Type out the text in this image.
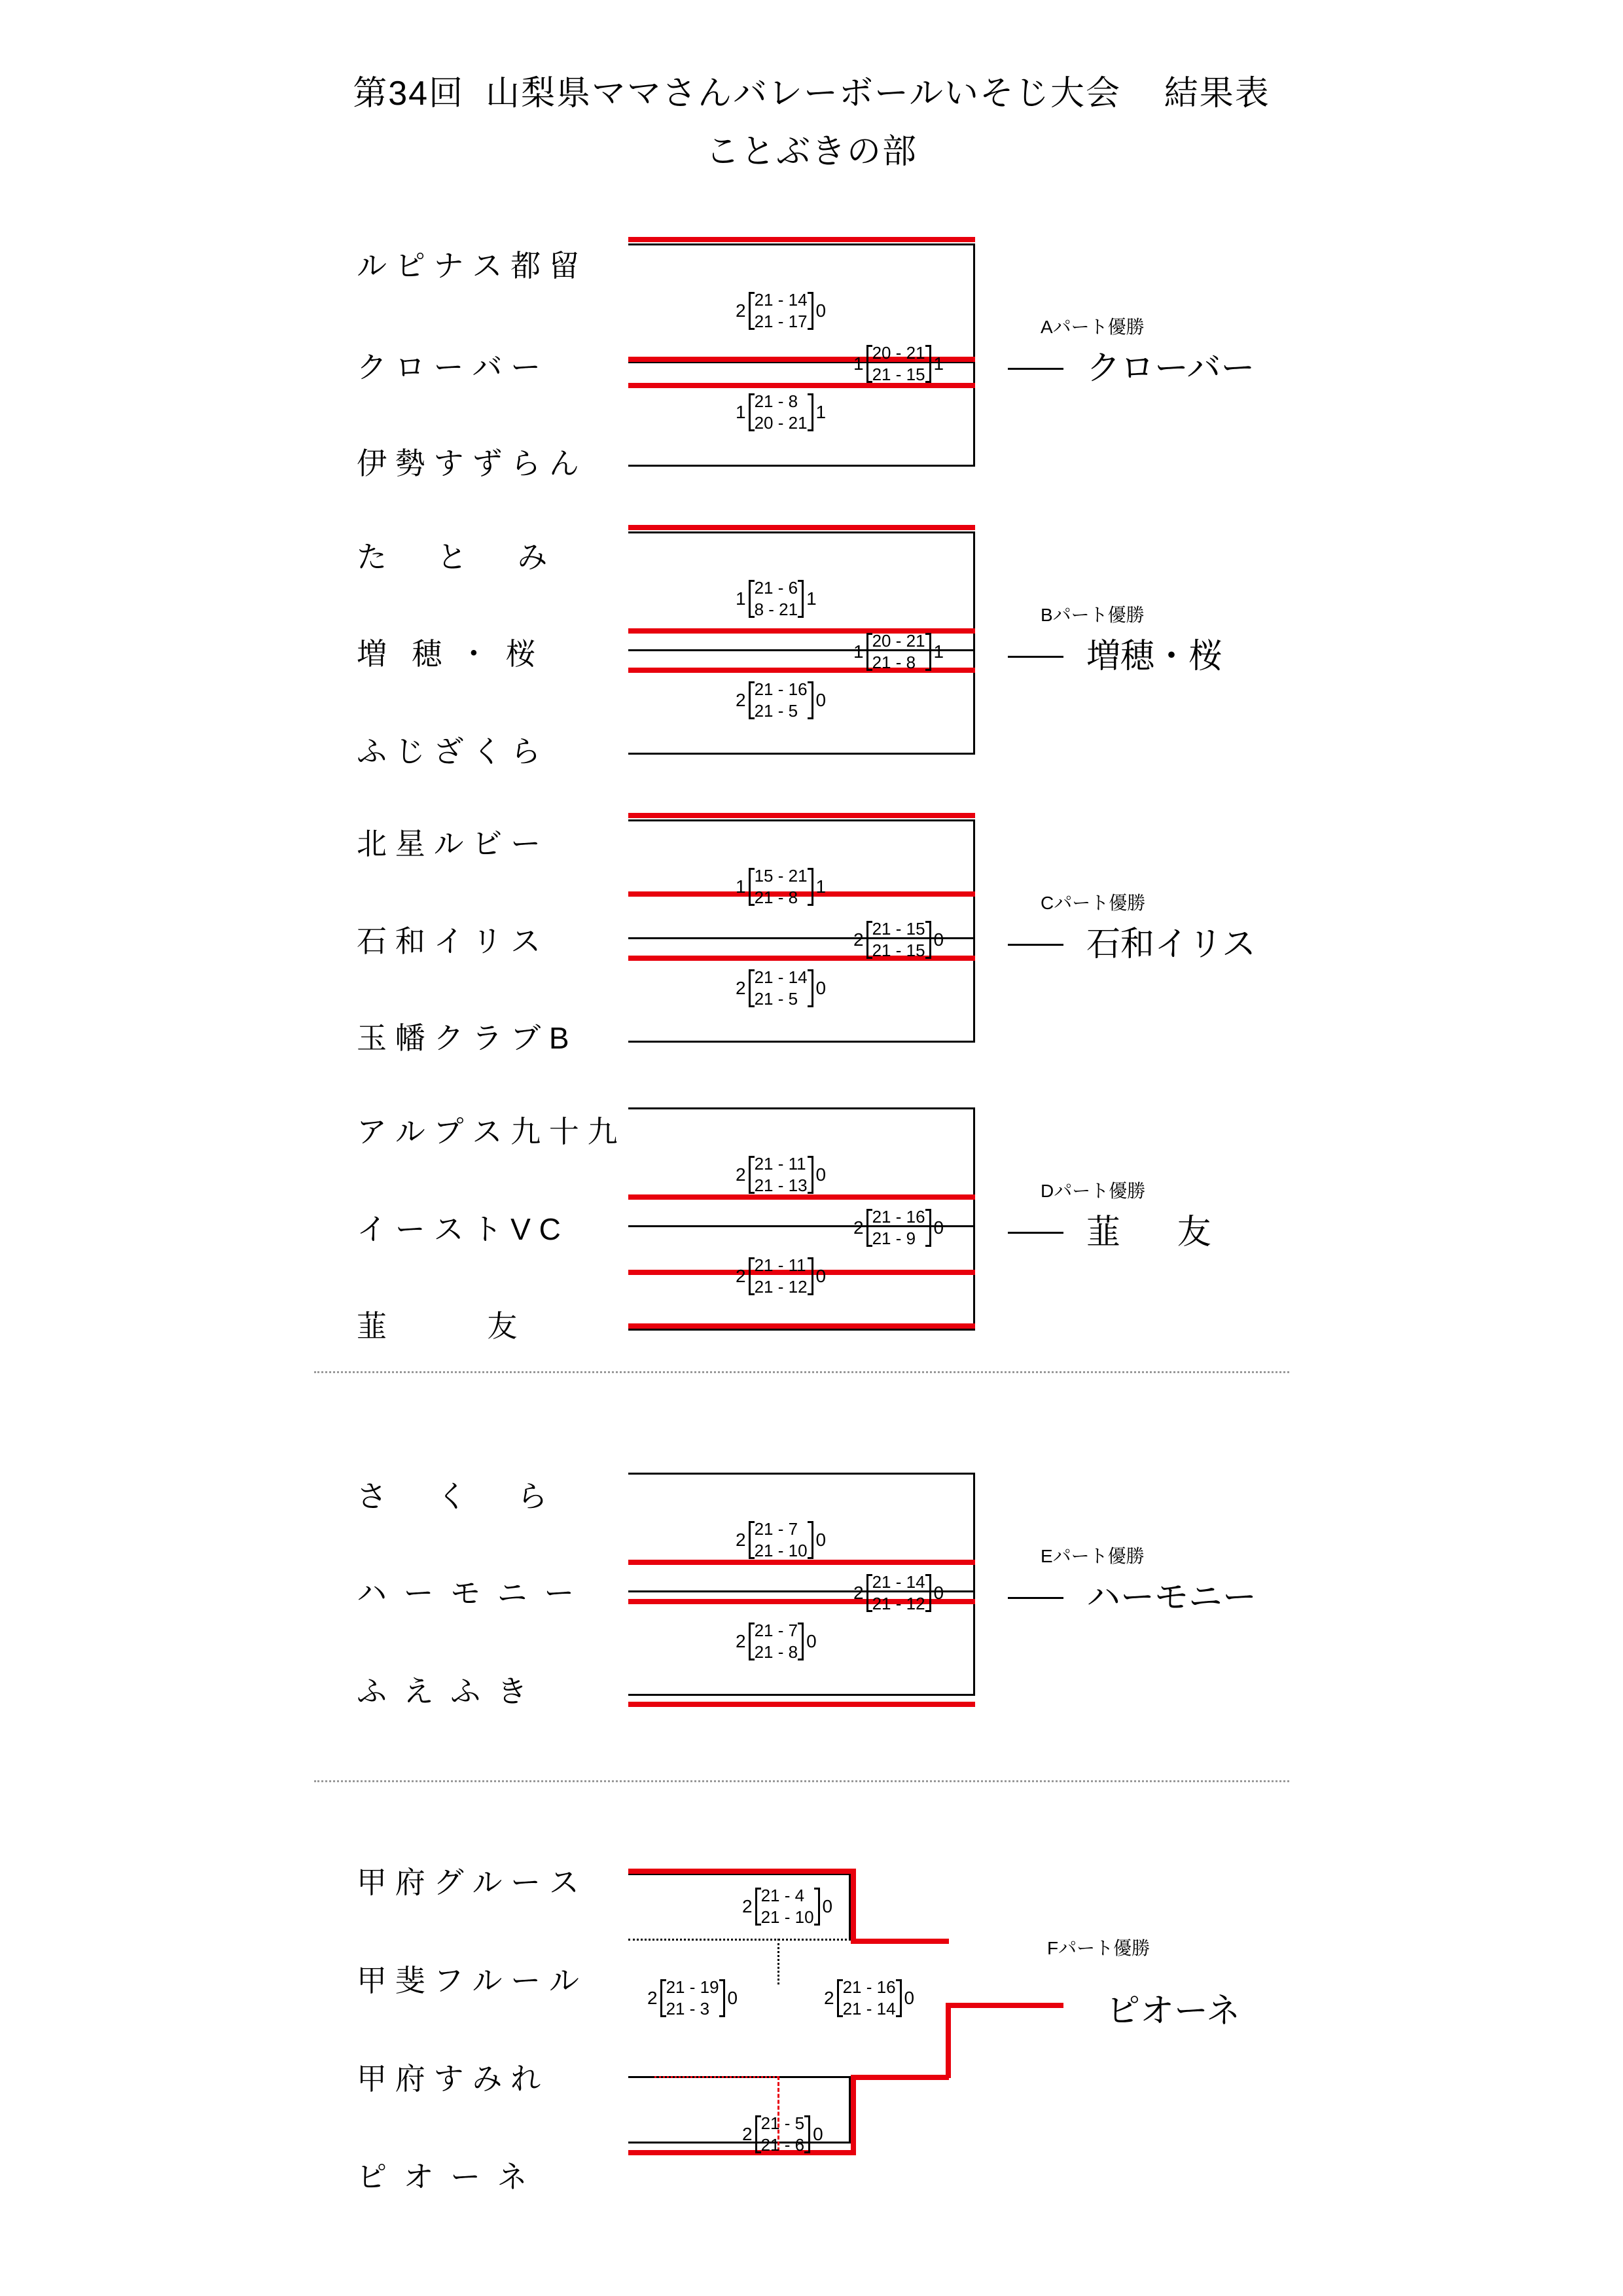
第34回  山梨県ママさんバレーボールいそじ大会    結果表
ことぶきの部
ル ピ ナ ス 都 留
ク ロ ー バ ー
伊 勢 す ず ら ん
2
21 - 14
21 - 17
0
1
21 - 8
20 - 21
1
1
20 - 21
21 - 15
1
Aパート優勝
クローバー
た      と      み
増   穂  ・  桜
ふ じ ざ く ら
1
21 - 6
8 - 21
1
2
21 - 16
21 - 5
0
1
20 - 21
21 - 8
1
Bパート優勝
増穂・桜
北 星 ル ビ ー
石 和 イ リ ス
玉 幡 ク ラ ブ B
1
15 - 21
21 - 8
1
2
21 - 14
21 - 5
0
2
21 - 15
21 - 15
0
Cパート優勝
石和イリス
ア ル プ ス 九 十 九
イ ー ス ト V C
韮            友
2
21 - 11
21 - 13
0
2
21 - 11
21 - 12
0
2
21 - 16
21 - 9
0
Dパート優勝
韮      友
さ      く      ら
ハ  ー  モ  ニ  ー
ふ  え  ふ  き
2
21 - 7
21 - 10
0
2
21 - 7
21 - 8
0
2
21 - 14
21 - 12
0
Eパート優勝
ハーモニー
甲 府 グ ル ー ス
甲 斐 フ ル ー ル
甲 府 す み れ
ピ  オ  ー  ネ
2
21 - 4
21 - 10
0
2
21 - 19
21 - 3
0
2
21 - 5
21 - 6
0
2
21 - 16
21 - 14
0
Fパート優勝
ピオーネ
